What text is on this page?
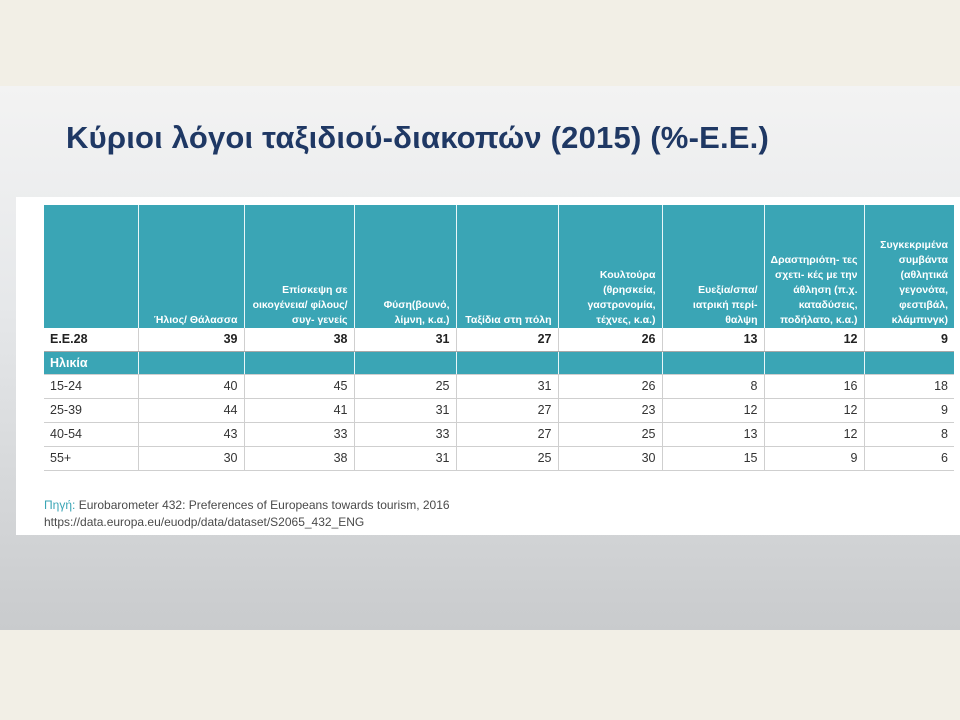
Κύριοι λόγοι ταξιδιού-διακοπών (2015) (%-Ε.Ε.)
	Ήλιος/ Θάλασσα	Επίσκεψη σε οικογένεια/ φίλους/συγ- γενείς	Φύση(βουνό, λίμνη, κ.α.)	Ταξίδια στη πόλη	Κουλτούρα (θρησκεία, γαστρονομία, τέχνες, κ.α.)	Ευεξία/σπα/ ιατρική περί- θαλψη	Δραστηριότη- τες σχετι- κές με την άθληση (π.χ. καταδύσεις, ποδήλατο, κ.α.)	Συγκεκριμένα συμβάντα (αθλητικά γεγονότα, φεστιβάλ, κλάμπινγκ)
E.E.28	39	38	31	27	26	13	12	9
Ηλικία								
15-24	40	45	25	31	26	8	16	18
25-39	44	41	31	27	23	12	12	9
40-54	43	33	33	27	25	13	12	8
55+	30	38	31	25	30	15	9	6
Πηγή: Eurobarometer 432: Preferences of Europeans towards tourism, 2016
https://data.europa.eu/euodp/data/dataset/S2065_432_ENG
